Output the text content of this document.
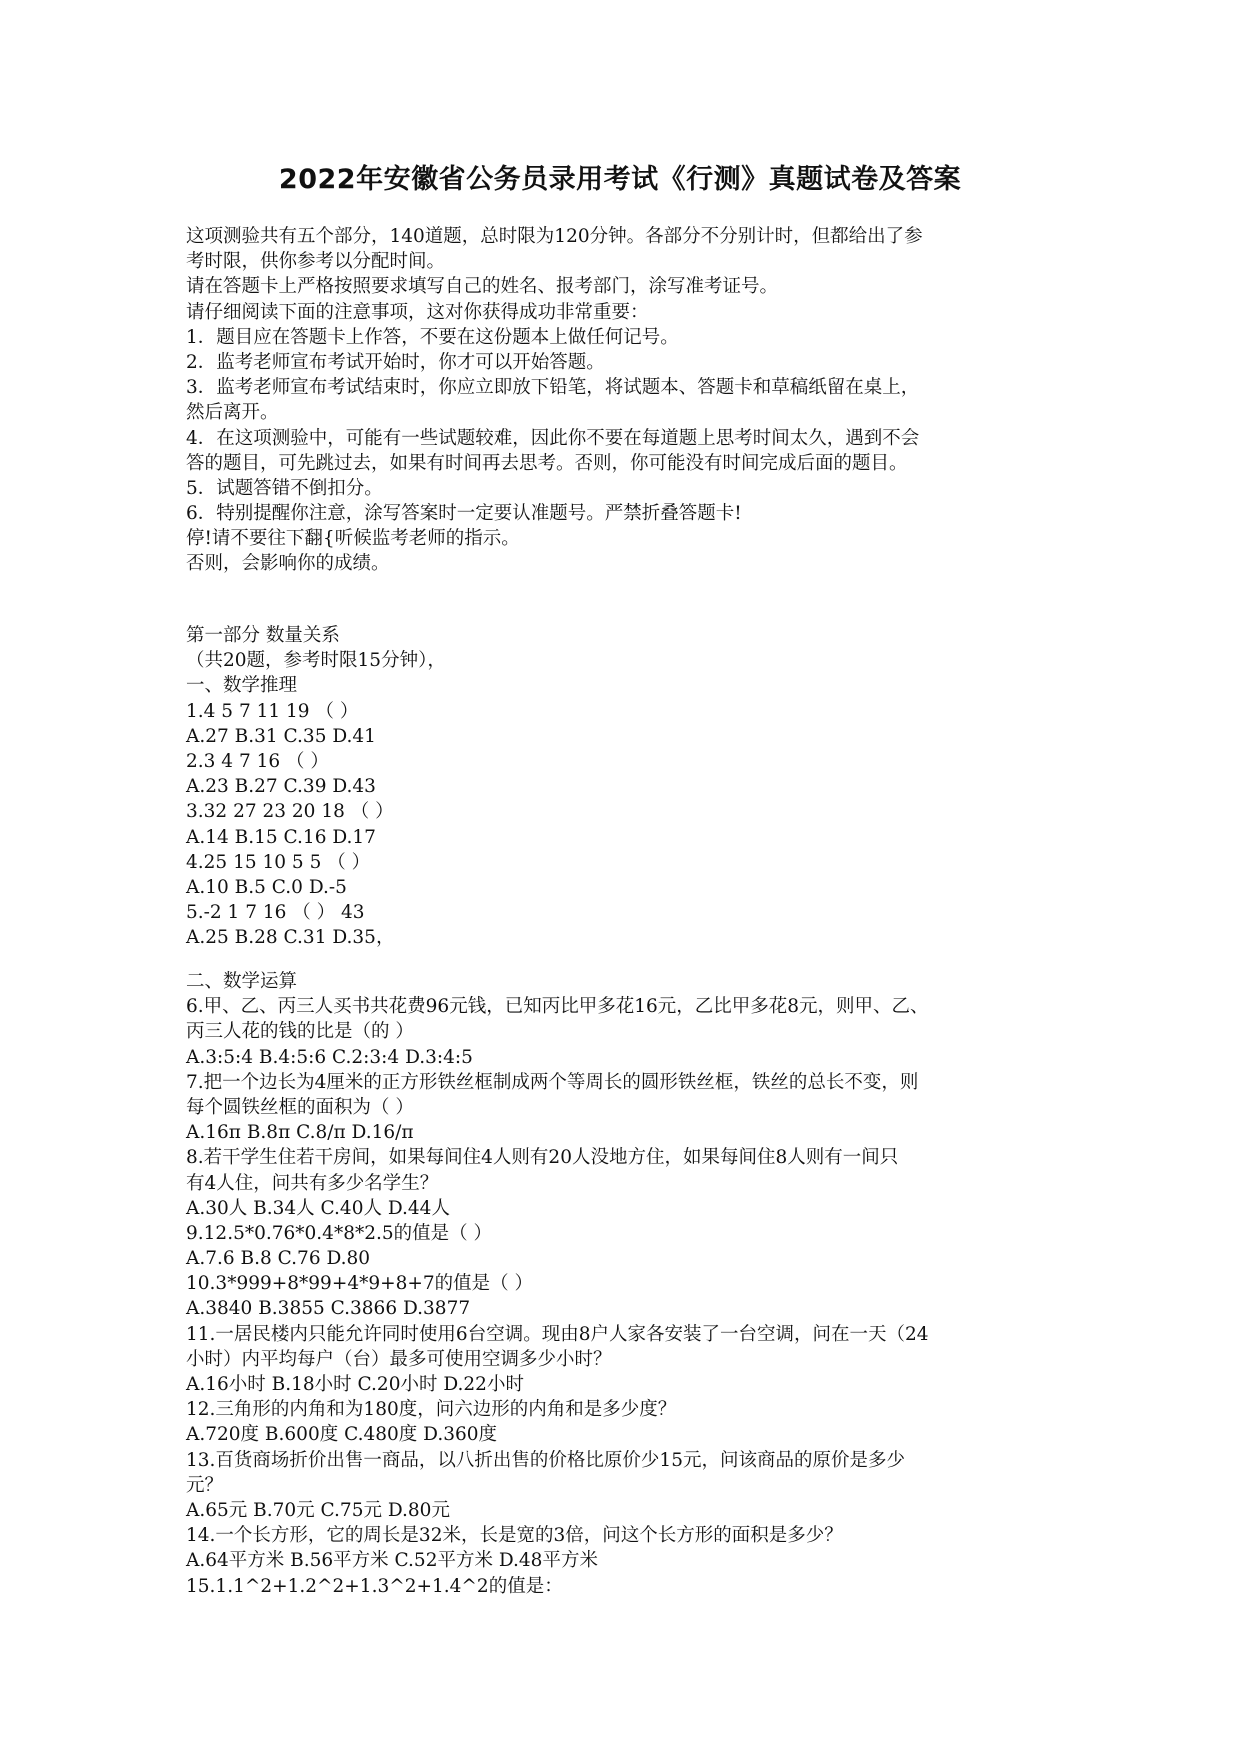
2022年安徽省公务员录用考试《行测》真题试卷及答案
这项测验共有五个部分，140道题，总时限为120分钟。各部分不分别计时，但都给出了参
考时限，供你参考以分配时间。
请在答题卡上严格按照要求填写自己的姓名、报考部门，涂写准考证号。
请仔细阅读下面的注意事项，这对你获得成功非常重要：
1．题目应在答题卡上作答，不要在这份题本上做任何记号。
2．监考老师宣布考试开始时，你才可以开始答题。
3．监考老师宣布考试结束时，你应立即放下铅笔，将试题本、答题卡和草稿纸留在桌上，
然后离开。
4．在这项测验中，可能有一些试题较难，因此你不要在每道题上思考时间太久，遇到不会
答的题目，可先跳过去，如果有时间再去思考。否则，你可能没有时间完成后面的题目。
5．试题答错不倒扣分。
6．特别提醒你注意，涂写答案时一定要认准题号。严禁折叠答题卡!
停!请不要往下翻{听候监考老师的指示。
否则，会影响你的成绩。
第一部分 数量关系
（共20题，参考时限15分钟），
一、数学推理
1.4 5 7 11 19 （ ）
A.27 B.31 C.35 D.41
2.3 4 7 16 （ ）
A.23 B.27 C.39 D.43
3.32 27 23 20 18 （ ）
A.14 B.15 C.16 D.17
4.25 15 10 5 5 （ ）
A.10 B.5 C.0 D.-5
5.-2 1 7 16 （ ） 43
A.25 B.28 C.31 D.35，
二、数学运算
6.甲、乙、丙三人买书共花费96元钱，已知丙比甲多花16元，乙比甲多花8元，则甲、乙、
丙三人花的钱的比是（的 ）
A.3:5:4 B.4:5:6 C.2:3:4 D.3:4:5
7.把一个边长为4厘米的正方形铁丝框制成两个等周长的圆形铁丝框，铁丝的总长不变，则
每个圆铁丝框的面积为（ ）
A.16π B.8π C.8/π D.16/π
8.若干学生住若干房间，如果每间住4人则有20人没地方住，如果每间住8人则有一间只
有4人住，问共有多少名学生？
A.30人 B.34人 C.40人 D.44人
9.12.5*0.76*0.4*8*2.5的值是（ ）
A.7.6 B.8 C.76 D.80
10.3*999+8*99+4*9+8+7的值是（ ）
A.3840 B.3855 C.3866 D.3877
11.一居民楼内只能允许同时使用6台空调。现由8户人家各安装了一台空调，问在一天（24
小时）内平均每户（台）最多可使用空调多少小时？
A.16小时 B.18小时 C.20小时 D.22小时
12.三角形的内角和为180度，问六边形的内角和是多少度？
A.720度 B.600度 C.480度 D.360度
13.百货商场折价出售一商品，以八折出售的价格比原价少15元，问该商品的原价是多少
元？
A.65元 B.70元 C.75元 D.80元
14.一个长方形，它的周长是32米，长是宽的3倍，问这个长方形的面积是多少？
A.64平方米 B.56平方米 C.52平方米 D.48平方米
15.1.1^2+1.2^2+1.3^2+1.4^2的值是：
